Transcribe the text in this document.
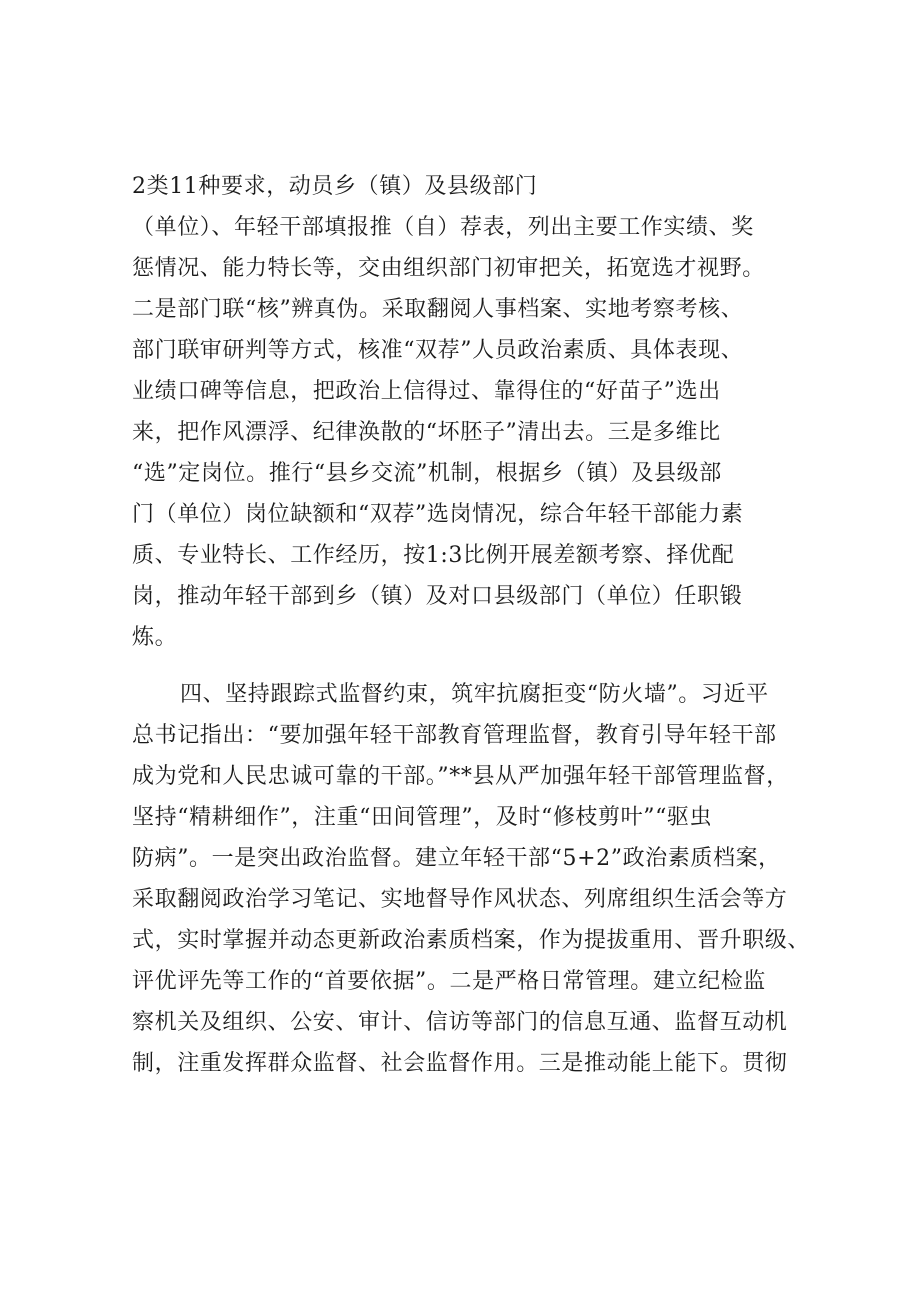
2类11种要求，动员乡（镇）及县级部门
（单位）、年轻干部填报推（自）荐表，列出主要工作实绩、奖
惩情况、能力特长等，交由组织部门初审把关，拓宽选才视野。
二是部门联“核”辨真伪。采取翻阅人事档案、实地考察考核、
部门联审研判等方式，核准“双荐”人员政治素质、具体表现、
业绩口碑等信息，把政治上信得过、靠得住的“好苗子”选出
来，把作风漂浮、纪律涣散的“坏胚子”清出去。三是多维比
“选”定岗位。推行“县乡交流”机制，根据乡（镇）及县级部
门（单位）岗位缺额和“双荐”选岗情况，综合年轻干部能力素
质、专业特长、工作经历，按1:3比例开展差额考察、择优配
岗，推动年轻干部到乡（镇）及对口县级部门（单位）任职锻
炼。
四、坚持跟踪式监督约束，筑牢抗腐拒变“防火墙”。习近平
总书记指出：“要加强年轻干部教育管理监督，教育引导年轻干部
成为党和人民忠诚可靠的干部。”**县从严加强年轻干部管理监督，
坚持“精耕细作”，注重“田间管理”，及时“修枝剪叶”“驱虫
防病”。一是突出政治监督。建立年轻干部“5+2”政治素质档案，
采取翻阅政治学习笔记、实地督导作风状态、列席组织生活会等方
式，实时掌握并动态更新政治素质档案，作为提拔重用、晋升职级、
评优评先等工作的“首要依据”。二是严格日常管理。建立纪检监
察机关及组织、公安、审计、信访等部门的信息互通、监督互动机
制，注重发挥群众监督、社会监督作用。三是推动能上能下。贯彻
